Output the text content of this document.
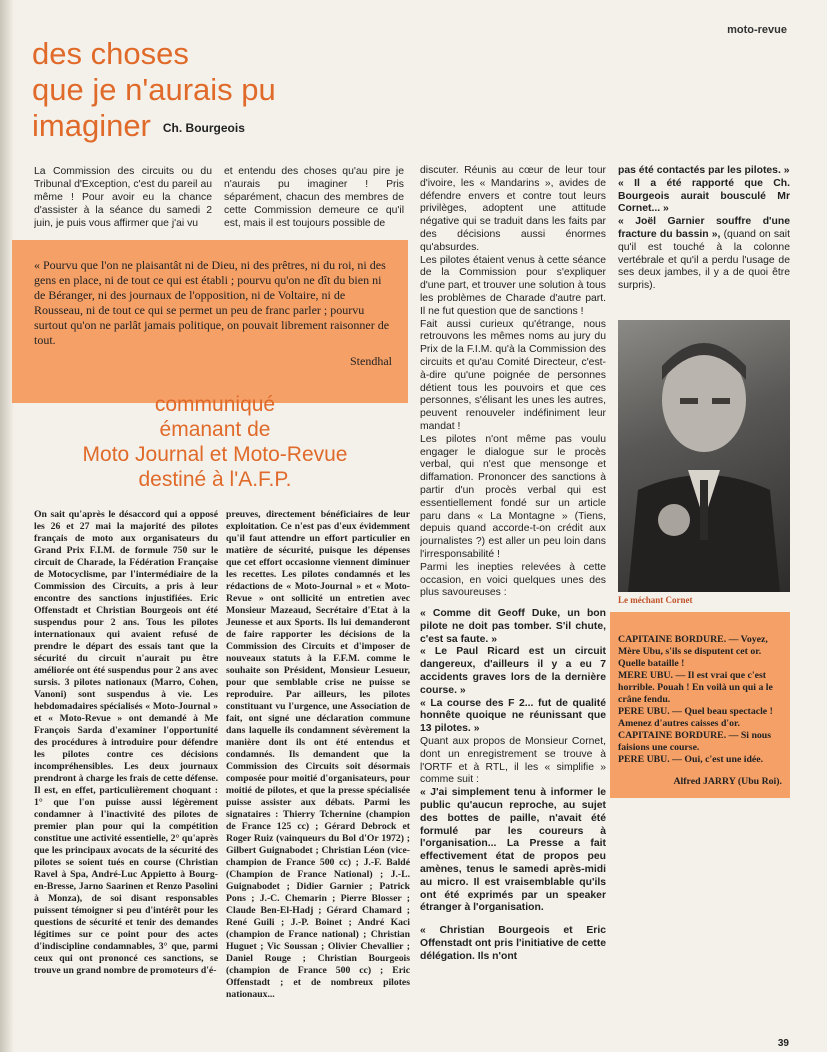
moto-revue
des choses
que je n'aurais pu
imaginer Ch. Bourgeois
La Commission des circuits ou du Tribunal d'Exception, c'est du pareil au même ! Pour avoir eu la chance d'assister à la séance du samedi 2 juin, je puis vous affirmer que j'ai vu
et entendu des choses qu'au pire je n'aurais pu imaginer ! Pris séparément, chacun des membres de cette Commission demeure ce qu'il est, mais il est toujours possible de
« Pourvu que l'on ne plaisantât ni de Dieu, ni des prêtres, ni du roi, ni des gens en place, ni de tout ce qui est établi ; pourvu qu'on ne dît du bien ni de Béranger, ni des journaux de l'opposition, ni de Voltaire, ni de Rousseau, ni de tout ce qui se permet un peu de franc parler ; pourvu surtout qu'on ne parlât jamais politique, on pouvait librement raisonner de tout.
Stendhal
communiqué
émanant de
Moto Journal et Moto-Revue
destiné à l'A.F.P.
On sait qu'après le désaccord qui a opposé les 26 et 27 mai la majorité des pilotes français de moto aux organisateurs du Grand Prix F.I.M. de formule 750 sur le circuit de Charade, la Fédération Française de Motocyclisme, par l'intermédiaire de la Commission des Circuits, a pris à leur encontre des sanctions injustifiées. Eric Offenstadt et Christian Bourgeois ont été suspendus pour 2 ans. Tous les pilotes internationaux qui avaient refusé de prendre le départ des essais tant que la sécurité du circuit n'aurait pu être améliorée ont été suspendus pour 2 ans avec sursis. 3 pilotes nationaux (Marro, Cohen, Vanoni) sont suspendus à vie. Les hebdomadaires spécialisés « Moto-Journal » et « Moto-Revue » ont demandé à Me François Sarda d'examiner l'opportunité des procédures à introduire pour défendre les pilotes contre ces décisions incompréhensibles. Les deux journaux prendront à charge les frais de cette défense. Il est, en effet, particulièrement choquant : 1° que l'on puisse aussi légèrement condamner à l'inactivité des pilotes de premier plan pour qui la compétition constitue une activité essentielle, 2° qu'après que les principaux avocats de la sécurité des pilotes se soient tués en course (Christian Ravel à Spa, André-Luc Appietto à Bourg-en-Bresse, Jarno Saarinen et Renzo Pasolini à Monza), de soi disant responsables puissent témoigner si peu d'intérêt pour les questions de sécurité et tenir des demandes légitimes sur ce point pour des actes d'indiscipline condamnables, 3° que, parmi ceux qui ont prononcé ces sanctions, se trouve un grand nombre de promoteurs d'é-
preuves, directement bénéficiaires de leur exploitation. Ce n'est pas d'eux évidemment qu'il faut attendre un effort particulier en matière de sécurité, puisque les dépenses que cet effort occasionne viennent diminuer les recettes. Les pilotes condamnés et les rédactions de « Moto-Journal » et « Moto-Revue » ont sollicité un entretien avec Monsieur Mazeaud, Secrétaire d'Etat à la Jeunesse et aux Sports. Ils lui demanderont de faire rapporter les décisions de la Commission des Circuits et d'imposer de nouveaux statuts à la F.F.M. comme le souhaite son Président, Monsieur Lesueur, pour que semblable crise ne puisse se reproduire. Par ailleurs, les pilotes constituant vu l'urgence, une Association de fait, ont signé une déclaration commune dans laquelle ils condamnent sévèrement la manière dont ils ont été entendus et condamnés. Ils demandent que la Commission des Circuits soit désormais composée pour moitié d'organisateurs, pour moitié de pilotes, et que la presse spécialisée puisse assister aux débats. Parmi les signataires : Thierry Tchernine (champion de France 125 cc) ; Gérard Debrock et Roger Ruiz (vainqueurs du Bol d'Or 1972) ; Gilbert Guignabodet ; Christian Léon (vice-champion de France 500 cc) ; J.-F. Baldé (Champion de France National) ; J.-L. Guignabodet ; Didier Garnier ; Patrick Pons ; J.-C. Chemarin ; Pierre Blosser ; Claude Ben-El-Hadj ; Gérard Chamard ; René Guili ; J.-P. Boinet ; André Kaci (champion de France national) ; Christian Huguet ; Vic Soussan ; Olivier Chevallier ; Daniel Rouge ; Christian Bourgeois (champion de France 500 cc) ; Eric Offenstadt ; et de nombreux pilotes nationaux...

discuter. Réunis au cœur de leur tour d'ivoire, les « Mandarins », avides de défendre envers et contre tout leurs privilèges, adoptent une attitude négative qui se traduit dans les faits par des décisions aussi énormes qu'absurdes.

Les pilotes étaient venus à cette séance de la Commission pour s'expliquer d'une part, et trouver une solution à tous les problèmes de Charade d'autre part. Il ne fut question que de sanctions !

Fait aussi curieux qu'étrange, nous retrouvons les mêmes noms au jury du Prix de la F.I.M. qu'à la Commission des circuits et qu'au Comité Directeur, c'est-à-dire qu'une poignée de personnes détient tous les pouvoirs et que ces personnes, s'élisant les unes les autres, peuvent renouveler indéfiniment leur mandat !

Les pilotes n'ont même pas voulu engager le dialogue sur le procès verbal, qui n'est que mensonge et diffamation. Prononcer des sanctions à partir d'un procès verbal qui est essentiellement fondé sur un article paru dans « La Montagne » (Tiens, depuis quand accorde-t-on crédit aux journalistes ?) est aller un peu loin dans l'irresponsabilité !

Parmi les inepties relevées à cette occasion, en voici quelques unes des plus savoureuses :

« Comme dit Geoff Duke, un bon pilote ne doit pas tomber. S'il chute, c'est sa faute. »

« Le Paul Ricard est un circuit dangereux, d'ailleurs il y a eu 7 accidents graves lors de la dernière course. »

« La course des F 2... fut de qualité honnête quoique ne réunissant que 13 pilotes. »

Quant aux propos de Monsieur Cornet, dont un enregistrement se trouve à l'ORTF et à RTL, il les « simplifie » comme suit :

« J'ai simplement tenu à informer le public qu'aucun reproche, au sujet des bottes de paille, n'avait été formulé par les coureurs à l'organisation... La Presse a fait effectivement état de propos peu amènes, tenus le samedi après-midi au micro. Il est vraisemblable qu'ils ont été exprimés par un speaker étranger à l'organisation.

« Christian Bourgeois et Eric Offenstadt ont pris l'initiative de cette délégation. Ils n'ont

pas été contactés par les pilotes. »

« Il a été rapporté que Ch. Bourgeois aurait bousculé Mr Cornet... »

« Joël Garnier souffre d'une fracture du bassin », (quand on sait qu'il est touché à la colonne vertébrale et qu'il a perdu l'usage de ses deux jambes, il y a de quoi être surpris).

Le méchant Cornet

CAPITAINE BORDURE. — Voyez, Mère Ubu, s'ils se disputent cet or. Quelle bataille !

MERE UBU. — Il est vrai que c'est horrible. Pouah ! En voilà un qui a le crâne fendu.

PERE UBU. — Quel beau spectacle ! Amenez d'autres caisses d'or.

CAPITAINE BORDURE. — Si nous faisions une course.

PERE UBU. — Oui, c'est une idée.

Alfred JARRY (Ubu Roi).
39
